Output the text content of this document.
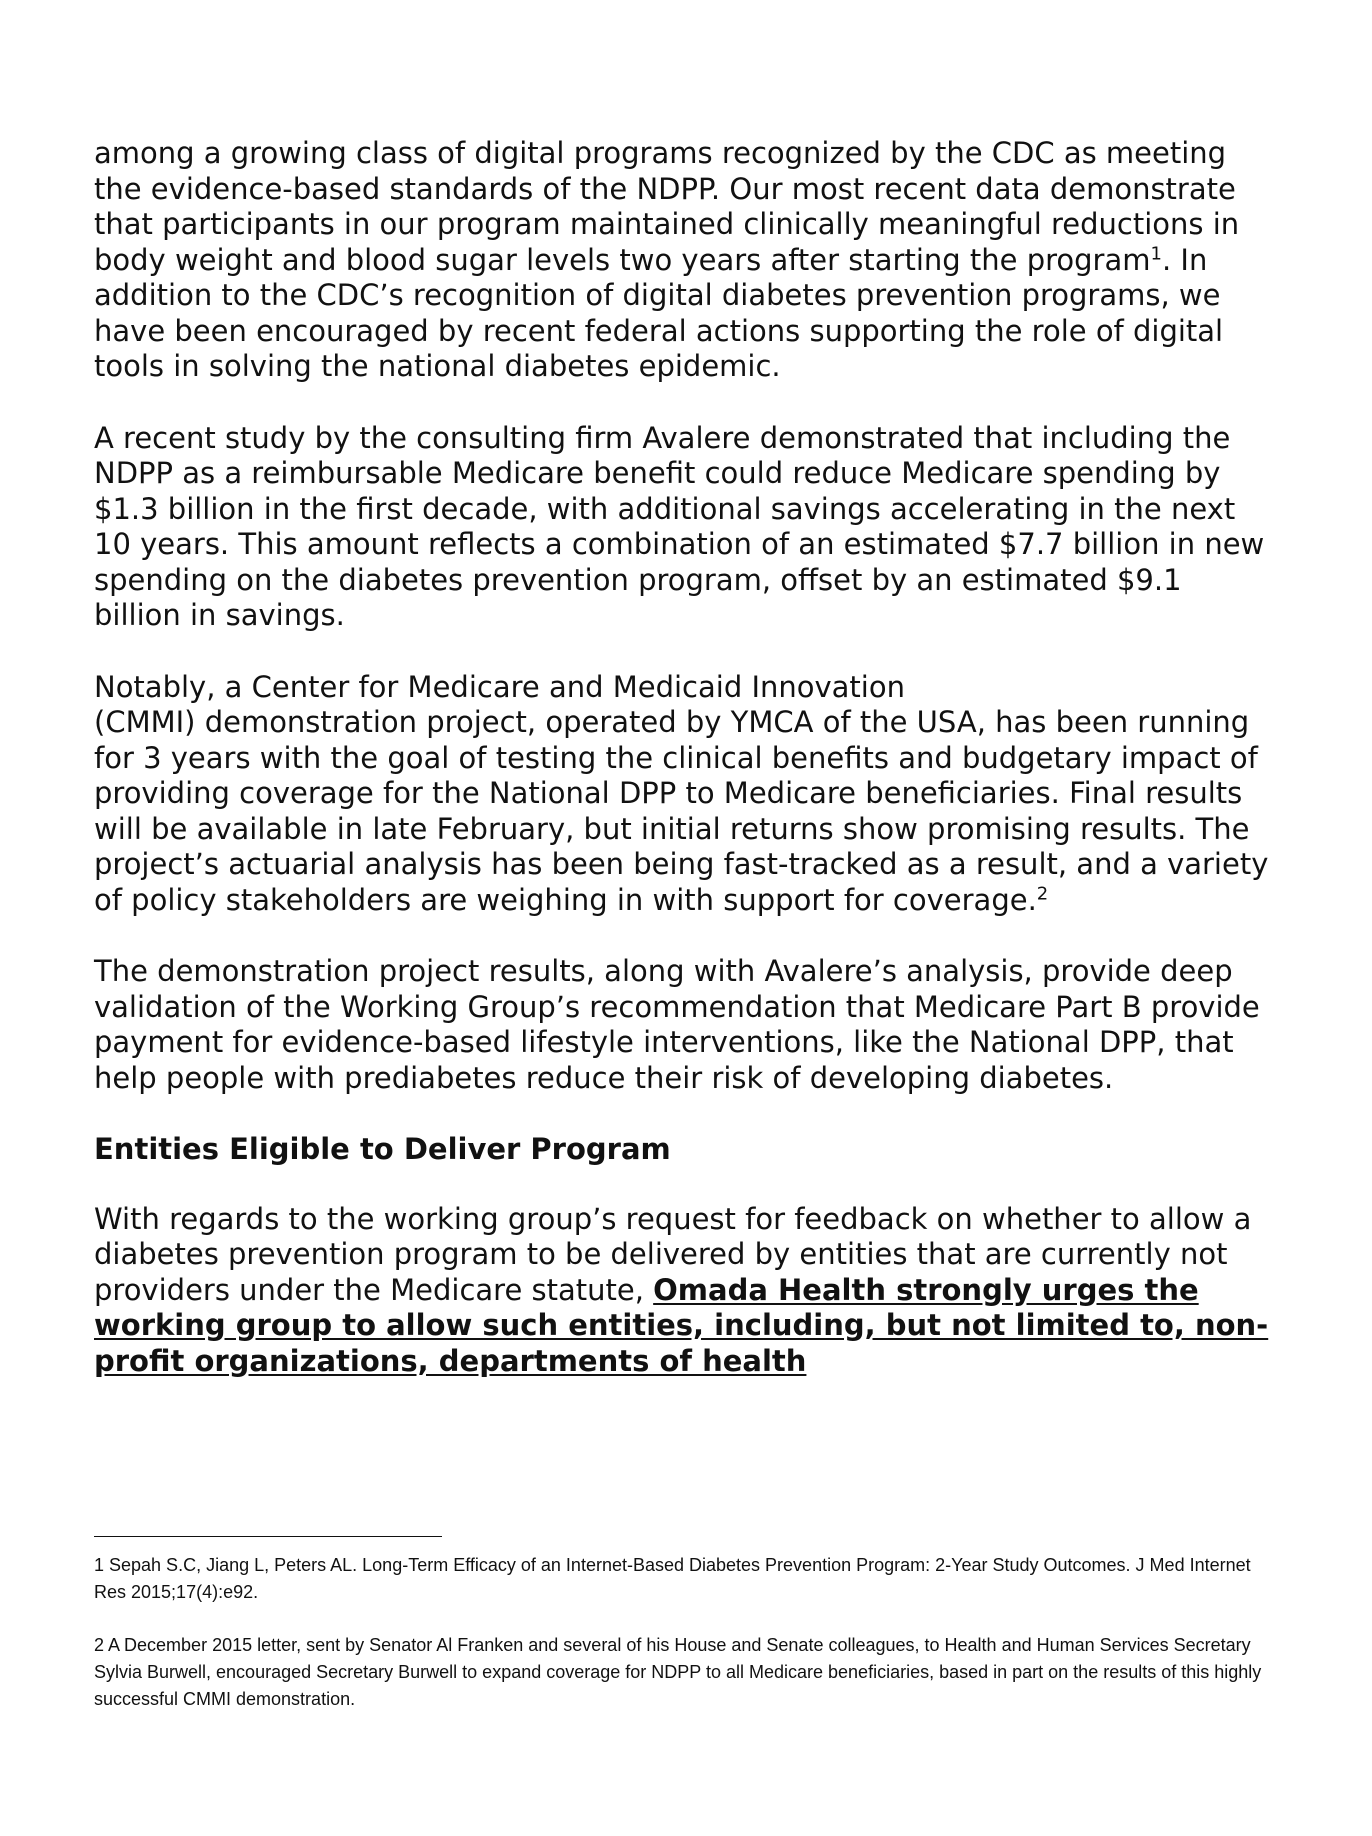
among a growing class of digital programs recognized by the CDC as meeting the evidence-based standards of the NDPP. Our most recent data demonstrate that participants in our program maintained clinically meaningful reductions in body weight and blood sugar levels two years after starting the program$^1$. In addition to the CDC’s recognition of digital diabetes prevention programs, we have been encouraged by recent federal actions supporting the role of digital tools in solving the national diabetes epidemic.

A recent study by the consulting firm Avalere demonstrated that including the NDPP as a reimbursable Medicare benefit could reduce Medicare spending by $1.3 billion in the first decade, with additional savings accelerating in the next 10 years. This amount reflects a combination of an estimated $7.7 billion in new spending on the diabetes prevention program, offset by an estimated $9.1 billion in savings.

Notably, a Center for Medicare and Medicaid Innovation
(CMMI) demonstration project, operated by YMCA of the USA, has been running for 3 years with the goal of testing the clinical benefits and budgetary impact of providing coverage for the National DPP to Medicare beneficiaries. Final results will be available in late February, but initial returns show promising results. The project’s actuarial analysis has been being fast-tracked as a result, and a variety of policy stakeholders are weighing in with support for coverage.$^2$

The demonstration project results, along with Avalere’s analysis, provide deep validation of the Working Group’s recommendation that Medicare Part B provide payment for evidence-based lifestyle interventions, like the National DPP, that help people with prediabetes reduce their risk of developing diabetes.

Entities Eligible to Deliver Program

With regards to the working group’s request for feedback on whether to allow a diabetes prevention program to be delivered by entities that are currently not providers under the Medicare statute, Omada Health strongly urges the working group to allow such entities, including, but not limited to, non-profit organizations, departments of health

1 Sepah S.C, Jiang L, Peters AL. Long-Term Efficacy of an Internet-Based Diabetes Prevention Program: 2-Year Study Outcomes. J Med Internet Res 2015;17(4):e92.

2 A December 2015 letter, sent by Senator Al Franken and several of his House and Senate colleagues, to Health and Human Services Secretary Sylvia Burwell, encouraged Secretary Burwell to expand coverage for NDPP to all Medicare beneficiaries, based in part on the results of this highly successful CMMI demonstration.
